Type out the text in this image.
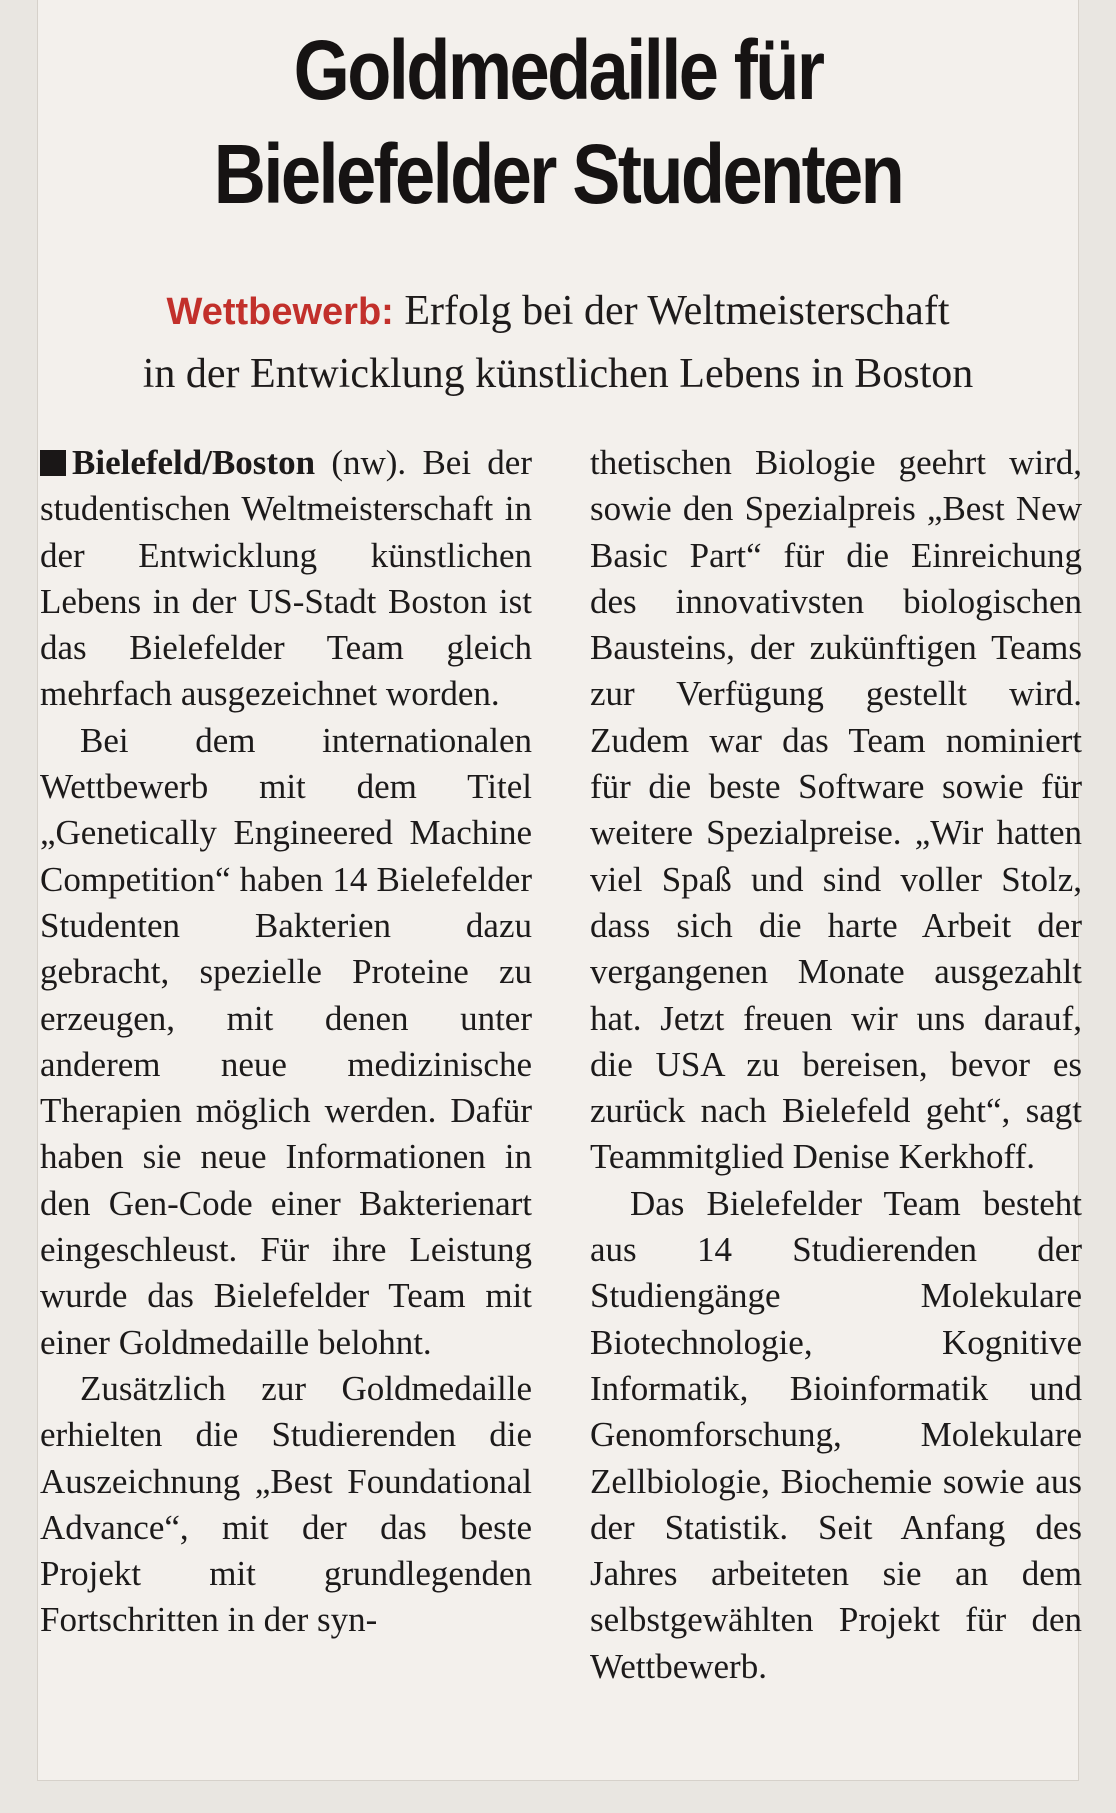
Goldmedaille für
Bielefelder Studenten
Wettbewerb: Erfolg bei der Weltmeisterschaft
in der Entwicklung künstlichen Lebens in Boston

Bielefeld/Boston (nw). Bei der studentischen Weltmeisterschaft in der Entwicklung künstlichen Lebens in der US-Stadt Boston ist das Bielefelder Team gleich mehrfach ausgezeichnet worden.

Bei dem internationalen Wettbewerb mit dem Titel „Genetically Engineered Machine Competition“ haben 14 Bielefelder Studenten Bakterien dazu gebracht, spezielle Proteine zu erzeugen, mit denen unter anderem neue medizinische Therapien möglich werden. Dafür haben sie neue Informationen in den Gen-Code einer Bakterienart eingeschleust. Für ihre Leistung wurde das Bielefelder Team mit einer Goldmedaille belohnt.

Zusätzlich zur Goldmedaille erhielten die Studierenden die Auszeichnung „Best Foundational Advance“, mit der das beste Projekt mit grundlegenden Fortschritten in der syn-

thetischen Biologie geehrt wird, sowie den Spezialpreis „Best New Basic Part“ für die Einreichung des innovativsten biologischen Bausteins, der zukünftigen Teams zur Verfügung gestellt wird. Zudem war das Team nominiert für die beste Software sowie für weitere Spezialpreise. „Wir hatten viel Spaß und sind voller Stolz, dass sich die harte Arbeit der vergangenen Monate ausgezahlt hat. Jetzt freuen wir uns darauf, die USA zu bereisen, bevor es zurück nach Bielefeld geht“, sagt Teammitglied Denise Kerkhoff.

Das Bielefelder Team besteht aus 14 Studierenden der Studiengänge Molekulare Biotechnologie, Kognitive Informatik, Bioinformatik und Genomforschung, Molekulare Zellbiologie, Biochemie sowie aus der Statistik. Seit Anfang des Jahres arbeiteten sie an dem selbstgewählten Projekt für den Wettbewerb.
